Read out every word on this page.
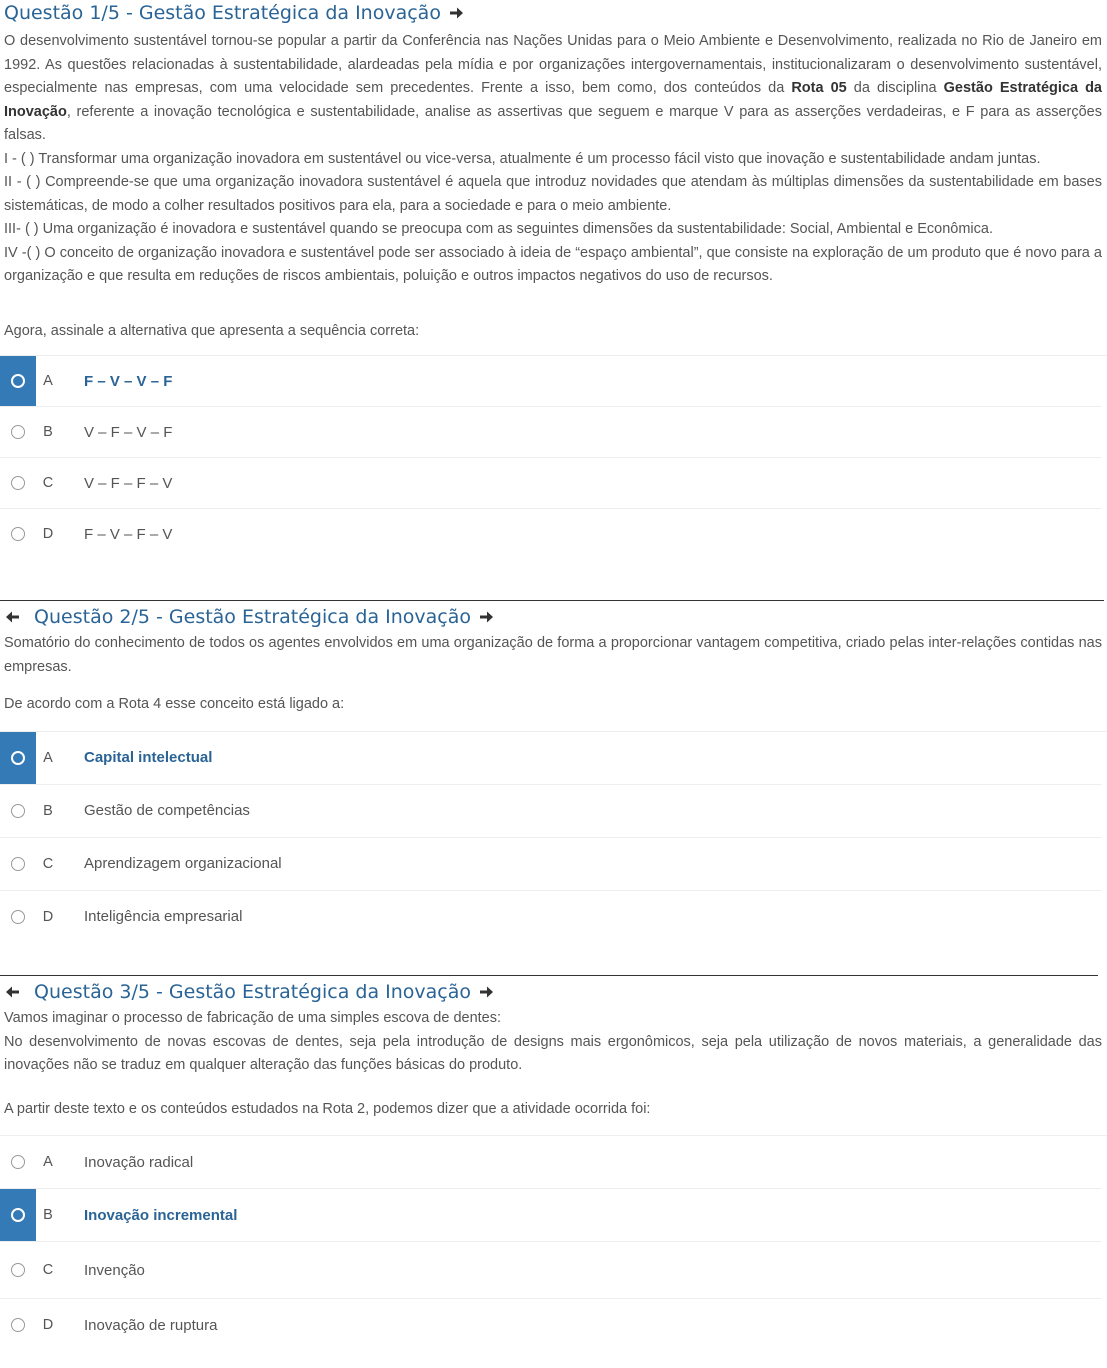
Questão 1/5 - Gestão Estratégica da Inovação
O desenvolvimento sustentável tornou-se popular a partir da Conferência nas Nações Unidas para o Meio Ambiente e Desenvolvimento, realizada no Rio de Janeiro em 1992. As questões relacionadas à sustentabilidade, alardeadas pela mídia e por organizações intergovernamentais, institucionalizaram o desenvolvimento sustentável, especialmente nas empresas, com uma velocidade sem precedentes. Frente a isso, bem como, dos conteúdos da Rota 05 da disciplina Gestão Estratégica da Inovação, referente a inovação tecnológica e sustentabilidade, analise as assertivas que seguem e marque V para as asserções verdadeiras, e F para as asserções falsas.
I - ( ) Transformar uma organização inovadora em sustentável ou vice-versa, atualmente é um processo fácil visto que inovação e sustentabilidade andam juntas.
II - ( ) Compreende-se que uma organização inovadora sustentável é aquela que introduz novidades que atendam às múltiplas dimensões da sustentabilidade em bases sistemáticas, de modo a colher resultados positivos para ela, para a sociedade e para o meio ambiente.
III- ( ) Uma organização é inovadora e sustentável quando se preocupa com as seguintes dimensões da sustentabilidade: Social, Ambiental e Econômica.
IV -( ) O conceito de organização inovadora e sustentável pode ser associado à ideia de “espaço ambiental”, que consiste na exploração de um produto que é novo para a organização e que resulta em reduções de riscos ambientais, poluição e outros impactos negativos do uso de recursos.
Agora, assinale a alternativa que apresenta a sequência correta:
A	F – V – V – F
B	V – F – V – F
C	V – F – F – V
D	F – V – F – V
Questão 2/5 - Gestão Estratégica da Inovação
Somatório do conhecimento de todos os agentes envolvidos em uma organização de forma a proporcionar vantagem competitiva, criado pelas inter-relações contidas nas empresas.
De acordo com a Rota 4 esse conceito está ligado a:
A	Capital intelectual
B	Gestão de competências
C	Aprendizagem organizacional
D	Inteligência empresarial
Questão 3/5 - Gestão Estratégica da Inovação
Vamos imaginar o processo de fabricação de uma simples escova de dentes:
No desenvolvimento de novas escovas de dentes, seja pela introdução de designs mais ergonômicos, seja pela utilização de novos materiais, a generalidade das inovações não se traduz em qualquer alteração das funções básicas do produto.
A partir deste texto e os conteúdos estudados na Rota 2, podemos dizer que a atividade ocorrida foi:
A	Inovação radical
B	Inovação incremental
C	Invenção
D	Inovação de ruptura
